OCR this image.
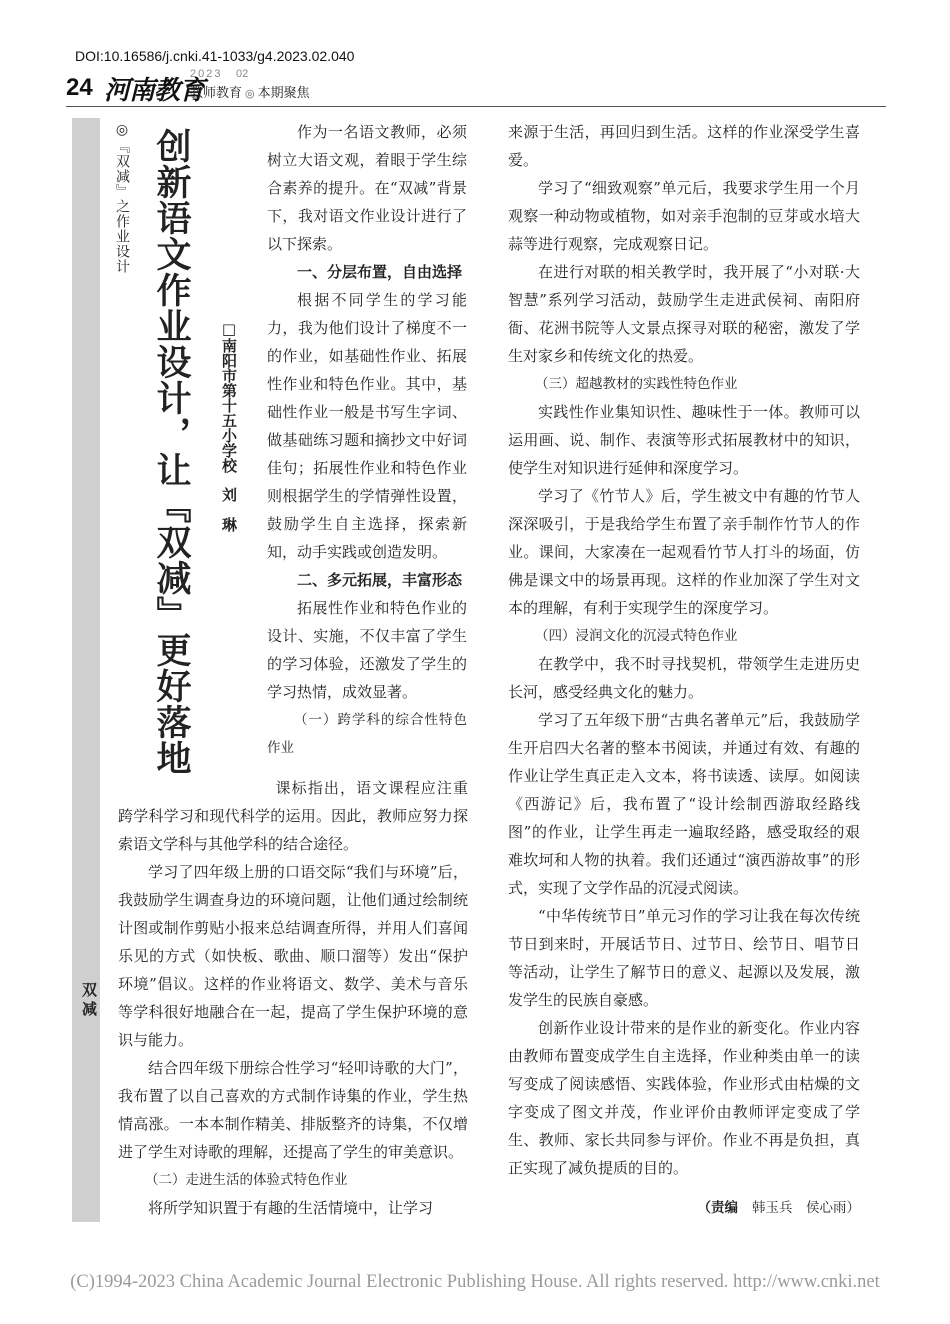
DOI:10.16586/j.cnki.41-1033/g4.2023.02.040
24 河南教育
2023
教师教育 ◎ 本期聚焦
02
◎『双减』之作业设计
双减
创新语文作业设计，让『双减』更好落地 □南阳市第十五小学校刘　琳

作为一名语文教师，必须树立大语文观，着眼于学生综合素养的提升。在“双减”背景下，我对语文作业设计进行了以下探索。

一、分层布置，自由选择

根据不同学生的学习能力，我为他们设计了梯度不一的作业，如基础性作业、拓展性作业和特色作业。其中，基础性作业一般是书写生字词、做基础练习题和摘抄文中好词佳句；拓展性作业和特色作业则根据学生的学情弹性设置，鼓励学生自主选择，探索新知，动手实践或创造发明。

二、多元拓展，丰富形态

拓展性作业和特色作业的设计、实施，不仅丰富了学生的学习体验，还激发了学生的学习热情，成效显著。

（一）跨学科的综合性特色作业

课标指出，语文课程应注重跨学科学习和现代科学的运用。因此，教师应努力探索语文学科与其他学科的结合途径。

学习了四年级上册的口语交际“我们与环境”后，我鼓励学生调查身边的环境问题，让他们通过绘制统计图或制作剪贴小报来总结调查所得，并用人们喜闻乐见的方式（如快板、歌曲、顺口溜等）发出“保护环境”倡议。这样的作业将语文、数学、美术与音乐等学科很好地融合在一起，提高了学生保护环境的意识与能力。

结合四年级下册综合性学习“轻叩诗歌的大门”，我布置了以自己喜欢的方式制作诗集的作业，学生热情高涨。一本本制作精美、排版整齐的诗集，不仅增进了学生对诗歌的理解，还提高了学生的审美意识。

（二）走进生活的体验式特色作业

将所学知识置于有趣的生活情境中，让学习

来源于生活，再回归到生活。这样的作业深受学生喜爱。

学习了“细致观察”单元后，我要求学生用一个月观察一种动物或植物，如对亲手泡制的豆芽或水培大蒜等进行观察，完成观察日记。

在进行对联的相关教学时，我开展了“小对联·大智慧”系列学习活动，鼓励学生走进武侯祠、南阳府衙、花洲书院等人文景点探寻对联的秘密，激发了学生对家乡和传统文化的热爱。

（三）超越教材的实践性特色作业

实践性作业集知识性、趣味性于一体。教师可以运用画、说、制作、表演等形式拓展教材中的知识，使学生对知识进行延伸和深度学习。

学习了《竹节人》后，学生被文中有趣的竹节人深深吸引，于是我给学生布置了亲手制作竹节人的作业。课间，大家凑在一起观看竹节人打斗的场面，仿佛是课文中的场景再现。这样的作业加深了学生对文本的理解，有利于实现学生的深度学习。

（四）浸润文化的沉浸式特色作业

在教学中，我不时寻找契机，带领学生走进历史长河，感受经典文化的魅力。

学习了五年级下册“古典名著单元”后，我鼓励学生开启四大名著的整本书阅读，并通过有效、有趣的作业让学生真正走入文本，将书读透、读厚。如阅读《西游记》后，我布置了“设计绘制西游取经路线图”的作业，让学生再走一遍取经路，感受取经的艰难坎坷和人物的执着。我们还通过“演西游故事”的形式，实现了文学作品的沉浸式阅读。

“中华传统节日”单元习作的学习让我在每次传统节日到来时，开展话节日、过节日、绘节日、唱节日等活动，让学生了解节日的意义、起源以及发展，激发学生的民族自豪感。

创新作业设计带来的是作业的新变化。作业内容由教师布置变成学生自主选择，作业种类由单一的读写变成了阅读感悟、实践体验，作业形式由枯燥的文字变成了图文并茂，作业评价由教师评定变成了学生、教师、家长共同参与评价。作业不再是负担，真正实现了减负提质的目的。

（责编 韩玉兵　侯心雨）
(C)1994-2023 China Academic Journal Electronic Publishing House. All rights reserved. http://www.cnki.net
